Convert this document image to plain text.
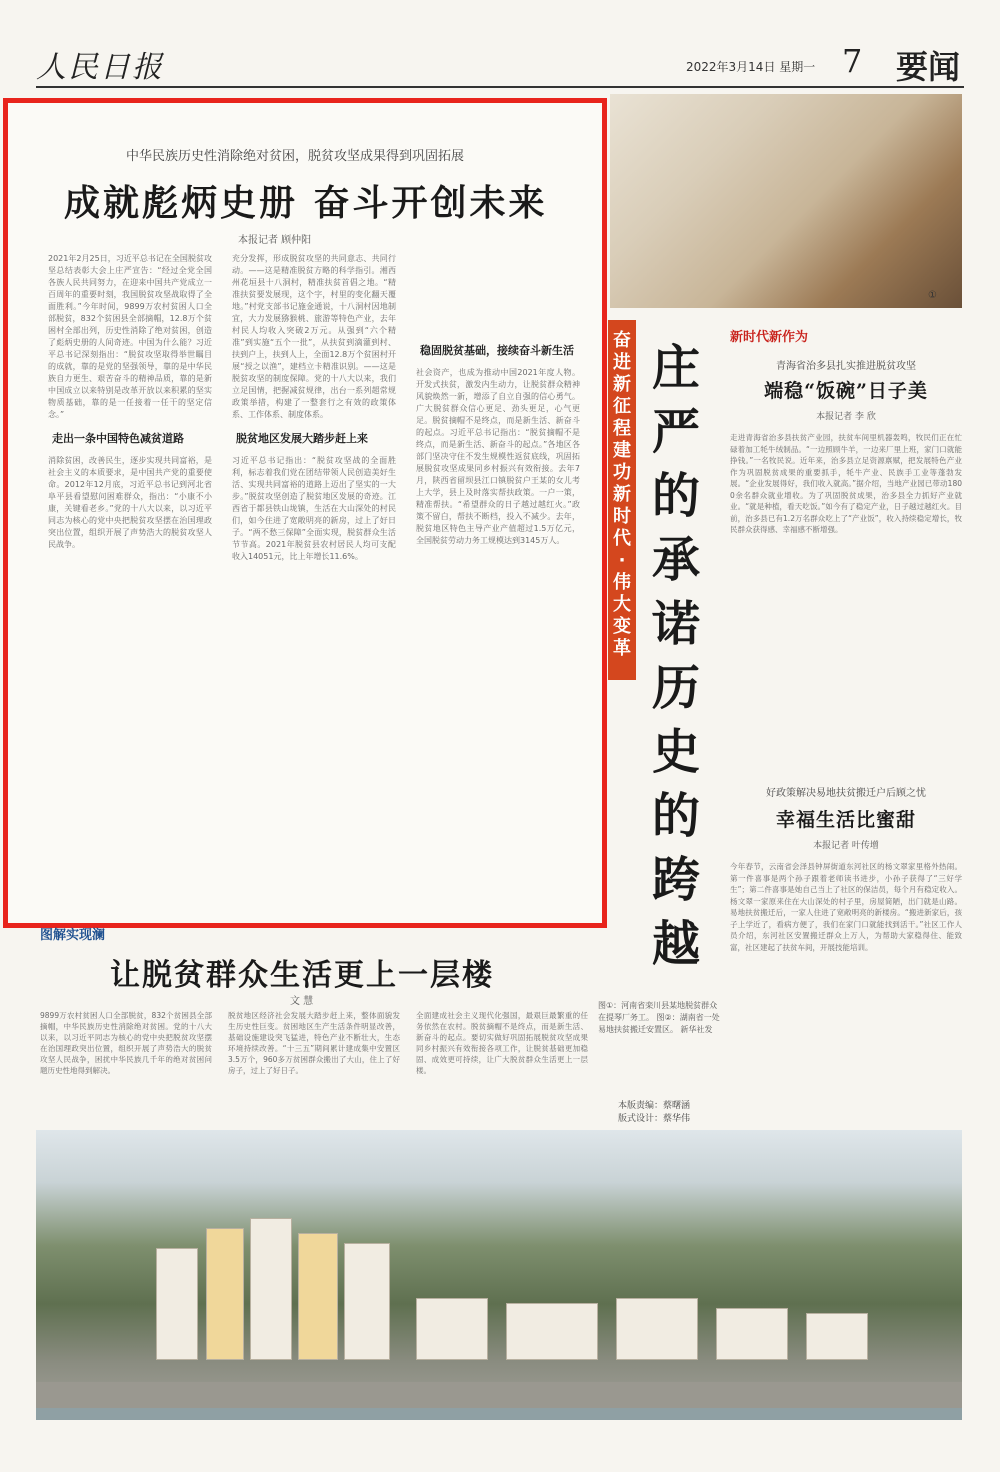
人民日报	2022年3月14日 星期一 7 要闻
中华民族历史性消除绝对贫困，脱贫攻坚成果得到巩固拓展
成就彪炳史册 奋斗开创未来
本报记者 顾仲阳
2021年2月25日，习近平总书记在全国脱贫攻坚总结表彰大会上庄严宣告：“经过全党全国各族人民共同努力，在迎来中国共产党成立一百周年的重要时刻，我国脱贫攻坚战取得了全面胜利。”今年时间，9899万农村贫困人口全部脱贫，832个贫困县全部摘帽，12.8万个贫困村全部出列，历史性消除了绝对贫困，创造了彪炳史册的人间奇迹。中国为什么能？习近平总书记深刻指出：“脱贫攻坚取得举世瞩目的成就，靠的是党的坚强领导，靠的是中华民族自力更生、艰苦奋斗的精神品质，靠的是新中国成立以来特别是改革开放以来积累的坚实物质基础，靠的是一任接着一任干的坚定信念。”
走出一条中国特色减贫道路
消除贫困，改善民生，逐步实现共同富裕，是社会主义的本质要求，是中国共产党的重要使命。2012年12月底，习近平总书记到河北省阜平县看望慰问困难群众，指出：“小康不小康，关键看老乡。”党的十八大以来，以习近平同志为核心的党中央把脱贫攻坚摆在治国理政突出位置，组织开展了声势浩大的脱贫攻坚人民战争。
充分发挥，形成脱贫攻坚的共同意志、共同行动。——这是精准脱贫方略的科学指引。湘西州花垣县十八洞村，精准扶贫首倡之地。“精准扶贫要发展现，这个字，村里的变化翻天覆地。”村党支部书记施金通说，十八洞村因地制宜，大力发展猕猴桃、旅游等特色产业，去年村民人均收入突破2万元。从强到“六个精准”到实施“五个一批”，从扶贫到滴灌到村、扶到户上，扶到人上，全面12.8万个贫困村开展“授之以渔”，建档立卡精准识别。——这是脱贫攻坚的制度保障。党的十八大以来，我们立足国情，把握减贫规律，出台一系列超常规政策举措，构建了一整套行之有效的政策体系、工作体系、制度体系。
脱贫地区发展大踏步赶上来
习近平总书记指出：“脱贫攻坚战的全面胜利，标志着我们党在团结带领人民创造美好生活、实现共同富裕的道路上迈出了坚实的一大步。”脱贫攻坚创造了脱贫地区发展的奇迹。江西省于都县铁山垅镇，生活在大山深处的村民们，如今住进了宽敞明亮的新房，过上了好日子。“两不愁三保障”全面实现，脱贫群众生活节节高。2021年脱贫县农村居民人均可支配收入14051元，比上年增长11.6%。
稳固脱贫基础，接续奋斗新生活
社会资产，也成为推动中国2021年度人物。开发式扶贫，激发内生动力，让脱贫群众精神风貌焕然一新，增添了自立自强的信心勇气。广大脱贫群众信心更足、劲头更足，心气更足。脱贫摘帽不是终点，而是新生活、新奋斗的起点。习近平总书记指出：“脱贫摘帽不是终点，而是新生活、新奋斗的起点。”各地区各部门坚决守住不发生规模性返贫底线，巩固拓展脱贫攻坚成果同乡村振兴有效衔接。去年7月，陕西省留坝县江口镇脱贫户王某的女儿考上大学，县上及时落实帮扶政策。一户一策，精准帮扶。“希望群众的日子越过越红火。”政策不留白，帮扶不断档，投入不减少。去年，脱贫地区特色主导产业产值超过1.5万亿元，全国脱贫劳动力务工规模达到3145万人。
①
奋进新征程 建功新时代·伟大变革
庄严的承诺 历史的跨越
新时代新作为
青海省治多县扎实推进脱贫攻坚
端稳“饭碗”日子美
本报记者 李 欣
走进青海省治多县扶贫产业园，扶贫车间里机器轰鸣，牧民们正在忙碌着加工牦牛绒制品。“一边照顾牛羊，一边来厂里上班，家门口就能挣钱。”一名牧民说。近年来，治多县立足资源禀赋，把发展特色产业作为巩固脱贫成果的重要抓手，牦牛产业、民族手工业等蓬勃发展。“企业发展得好，我们收入就高。”据介绍，当地产业园已带动1800余名群众就业增收。为了巩固脱贫成果，治多县全力抓好产业就业。“就是种植，看天吃饭。”如今有了稳定产业，日子越过越红火。目前，治多县已有1.2万名群众吃上了“产业饭”，收入持续稳定增长，牧民群众获得感、幸福感不断增强。
好政策解决易地扶贫搬迁户后顾之忧
幸福生活比蜜甜
本报记者 叶传增
今年春节，云南省会泽县钟屏街道东河社区的杨文翠家里格外热闹。第一件喜事是两个孙子跟着老师读书进步，小孙子获得了“三好学生”；第二件喜事是她自己当上了社区的保洁员，每个月有稳定收入。杨文翠一家原来住在大山深处的村子里，房屋简陋，出门就是山路。易地扶贫搬迁后，一家人住进了宽敞明亮的新楼房。“搬进新家后，孩子上学近了，看病方便了，我们在家门口就能找到活干。”社区工作人员介绍，东河社区安置搬迁群众上万人，为帮助大家稳得住、能致富，社区建起了扶贫车间，开展技能培训。
图解实现澜
让脱贫群众生活更上一层楼
文 慧
9899万农村贫困人口全部脱贫，832个贫困县全部摘帽，中华民族历史性消除绝对贫困。党的十八大以来，以习近平同志为核心的党中央把脱贫攻坚摆在治国理政突出位置，组织开展了声势浩大的脱贫攻坚人民战争，困扰中华民族几千年的绝对贫困问题历史性地得到解决。
脱贫地区经济社会发展大踏步赶上来，整体面貌发生历史性巨变。贫困地区生产生活条件明显改善，基础设施建设突飞猛进，特色产业不断壮大，生态环境持续改善。“十三五”期间累计建成集中安置区3.5万个，960多万贫困群众搬出了大山，住上了好房子，过上了好日子。
全面建成社会主义现代化强国，最艰巨最繁重的任务依然在农村。脱贫摘帽不是终点，而是新生活、新奋斗的起点。要切实做好巩固拓展脱贫攻坚成果同乡村振兴有效衔接各项工作，让脱贫基础更加稳固、成效更可持续，让广大脱贫群众生活更上一层楼。
图①：河南省栾川县某地脱贫群众在提琴厂务工。 图②：湖南省一处易地扶贫搬迁安置区。 新华社发
本版责编：蔡曙涵 版式设计：蔡华伟
